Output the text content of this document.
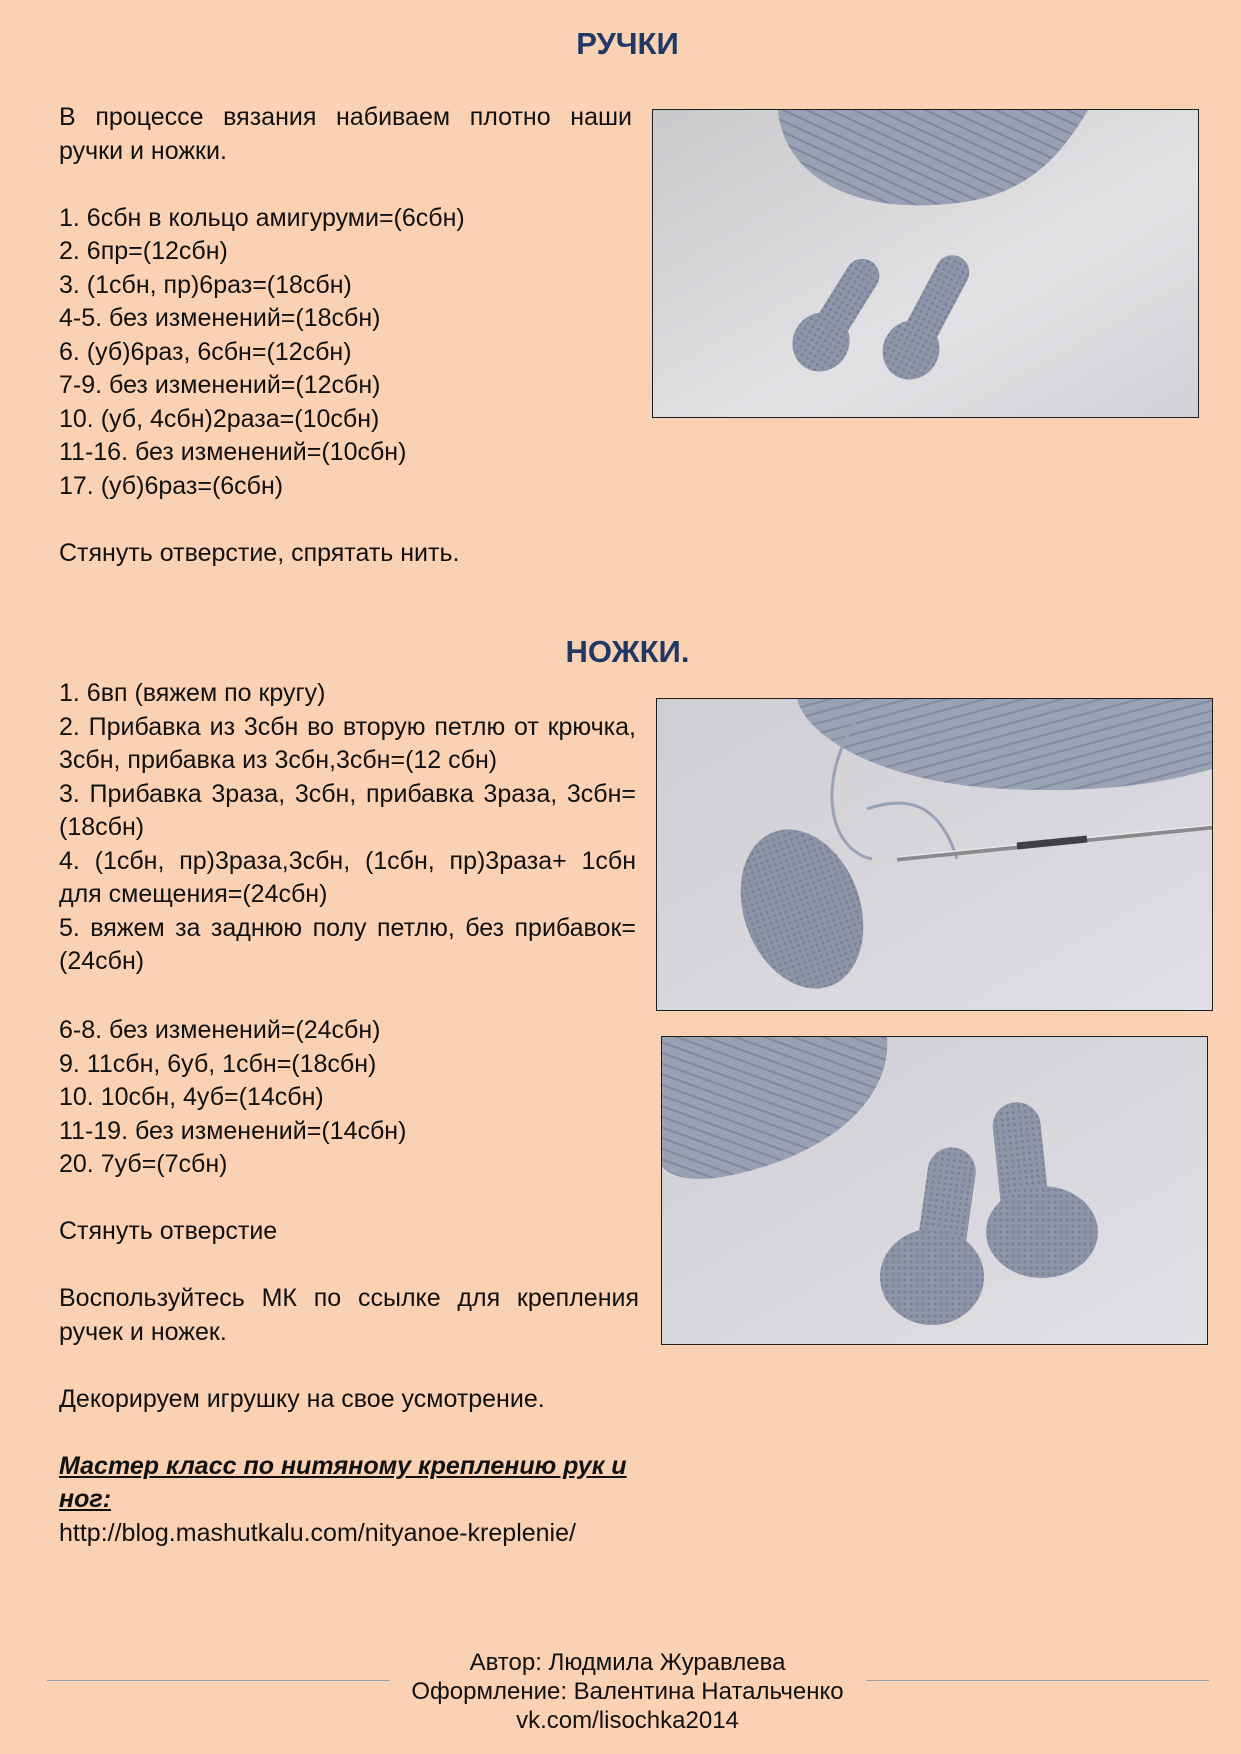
РУЧКИ

В процессе вязания набиваем плотно наши ручки и ножки.

1. 6сбн в кольцо амигуруми=(6сбн)

2. 6пр=(12сбн)

3. (1сбн, пр)6раз=(18сбн)

4-5. без изменений=(18сбн)

6. (уб)6раз, 6сбн=(12сбн)

7-9. без изменений=(12сбн)

10. (уб, 4сбн)2раза=(10сбн)

11-16. без изменений=(10сбн)

17. (уб)6раз=(6сбн)

Стянуть отверстие, спрятать нить.

НОЖКИ.

1. 6вп (вяжем по кругу)

2. Прибавка из 3сбн во вторую петлю от крючка, 3сбн, прибавка из 3сбн,3сбн=(12 сбн)

3. Прибавка 3раза, 3сбн, прибавка 3раза, 3сбн=(18сбн)

4. (1сбн, пр)3раза,3сбн, (1сбн, пр)3раза+ 1сбн для смещения=(24сбн)

5. вяжем за заднюю полу петлю, без прибавок=(24сбн)

6-8. без изменений=(24сбн)

9. 11сбн, 6уб, 1сбн=(18сбн)

10. 10сбн, 4уб=(14сбн)

11-19. без изменений=(14сбн)

20. 7уб=(7сбн)

Стянуть отверстие

Воспользуйтесь МК по ссылке для крепления ручек и ножек.

Декорируем игрушку на свое усмотрение.

Мастер класс по нитяному креплению рук и ног:

http://blog.mashutkalu.com/nityanoe-kreplenie/

Автор: Людмила Журавлева
Оформление: Валентина Натальченко
vk.com/lisochka2014
